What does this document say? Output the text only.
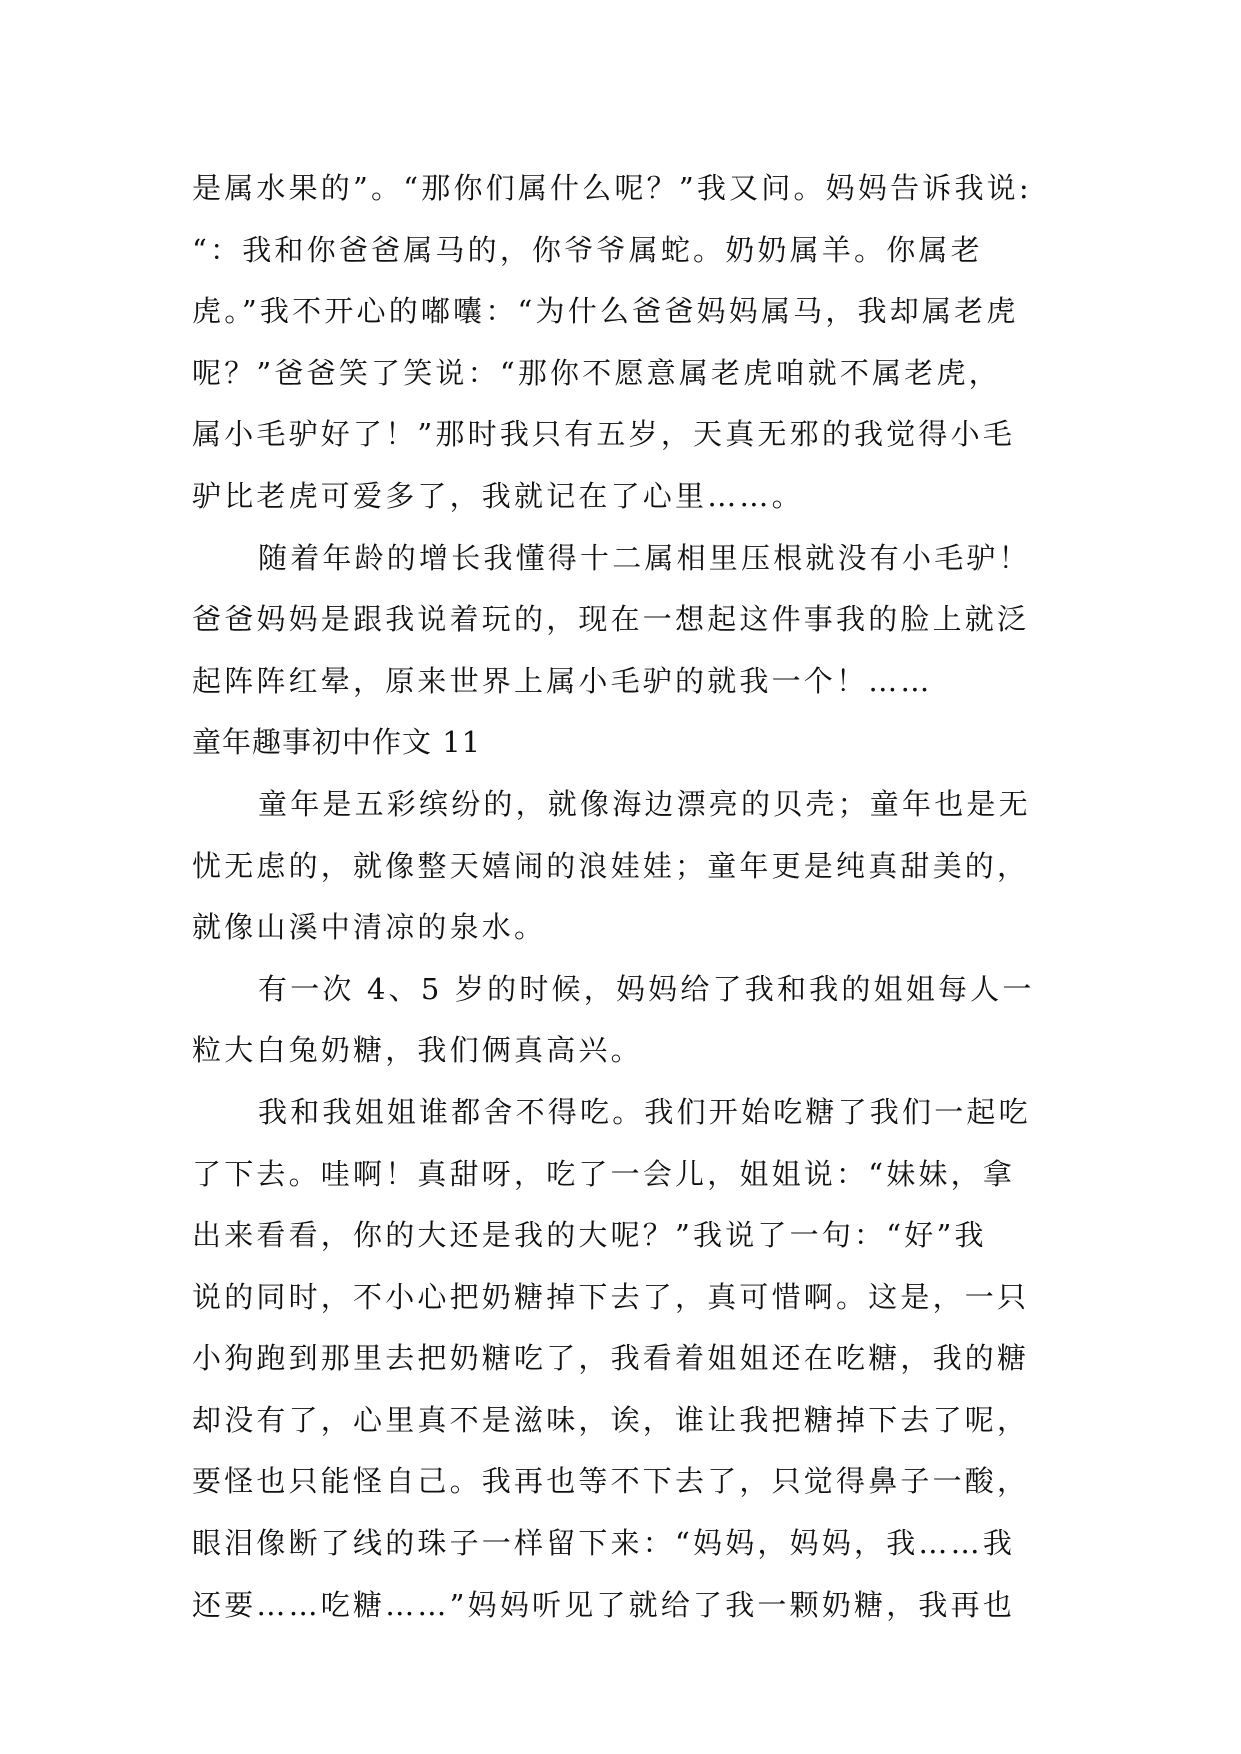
是属水果的”。“那你们属什么呢？”我又问。妈妈告诉我说:
“：我和你爸爸属马的，你爷爷属蛇。奶奶属羊。你属老
虎。”我不开心的嘟囔：“为什么爸爸妈妈属马，我却属老虎
呢？”爸爸笑了笑说：“那你不愿意属老虎咱就不属老虎，
属小毛驴好了！”那时我只有五岁，天真无邪的我觉得小毛
驴比老虎可爱多了，我就记在了心里……。
随着年龄的增长我懂得十二属相里压根就没有小毛驴！
爸爸妈妈是跟我说着玩的，现在一想起这件事我的脸上就泛
起阵阵红晕，原来世界上属小毛驴的就我一个！……
童年趣事初中作文 11
童年是五彩缤纷的，就像海边漂亮的贝壳；童年也是无
忧无虑的，就像整天嬉闹的浪娃娃；童年更是纯真甜美的，
就像山溪中清凉的泉水。
有一次 4、5 岁的时候，妈妈给了我和我的姐姐每人一
粒大白兔奶糖，我们俩真高兴。
我和我姐姐谁都舍不得吃。我们开始吃糖了我们一起吃
了下去。哇啊！真甜呀，吃了一会儿，姐姐说：“妹妹，拿
出来看看，你的大还是我的大呢？”我说了一句：“好”我
说的同时，不小心把奶糖掉下去了，真可惜啊。这是，一只
小狗跑到那里去把奶糖吃了，我看着姐姐还在吃糖，我的糖
却没有了，心里真不是滋味，诶，谁让我把糖掉下去了呢，
要怪也只能怪自己。我再也等不下去了，只觉得鼻子一酸，
眼泪像断了线的珠子一样留下来：“妈妈，妈妈，我……我
还要……吃糖……”妈妈听见了就给了我一颗奶糖，我再也
